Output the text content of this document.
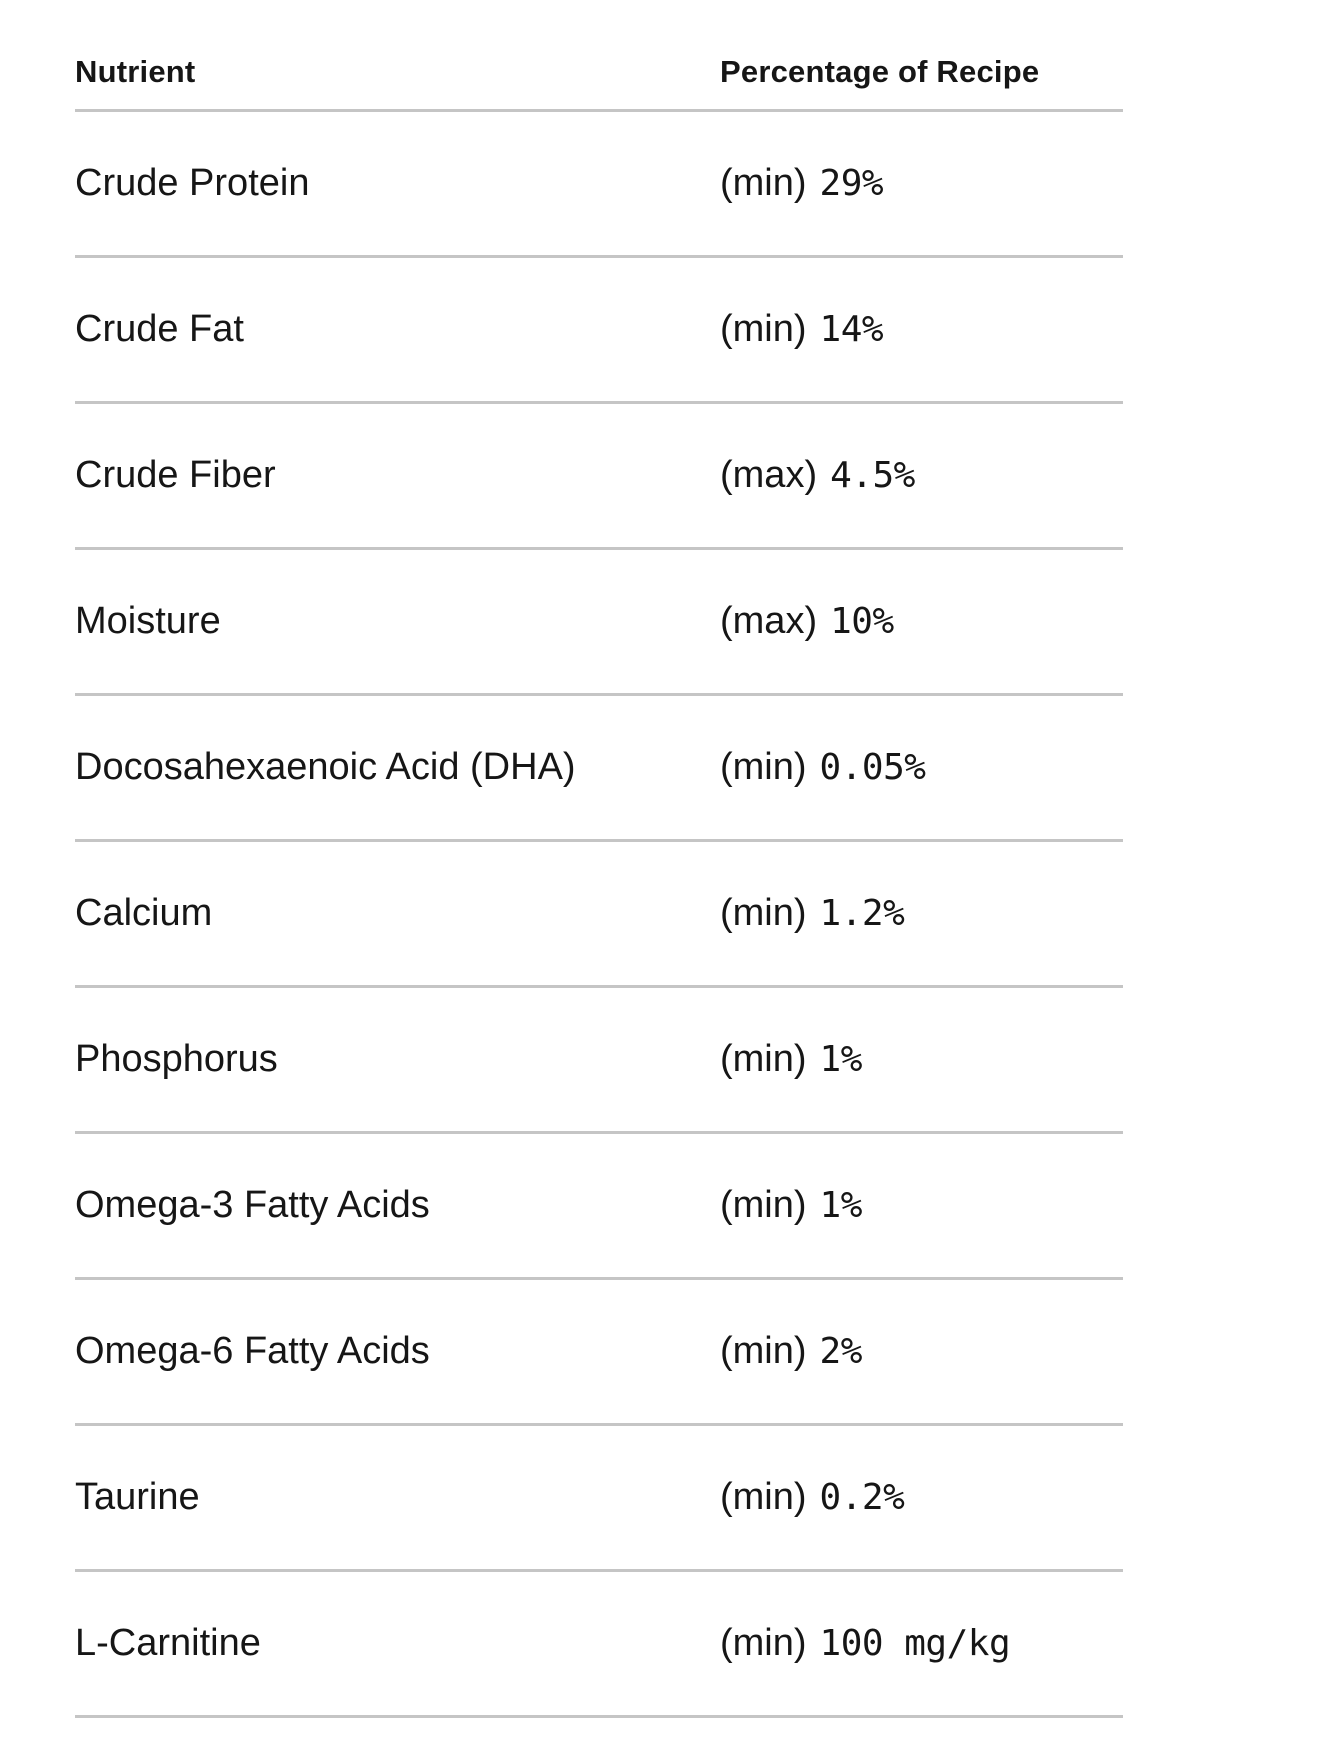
Nutrient	Percentage of Recipe
Crude Protein	(min) 29%
Crude Fat	(min) 14%
Crude Fiber	(max) 4.5%
Moisture	(max) 10%
Docosahexaenoic Acid (DHA)	(min) 0.05%
Calcium	(min) 1.2%
Phosphorus	(min) 1%
Omega-3 Fatty Acids	(min) 1%
Omega-6 Fatty Acids	(min) 2%
Taurine	(min) 0.2%
L-Carnitine	(min) 100 mg/kg
